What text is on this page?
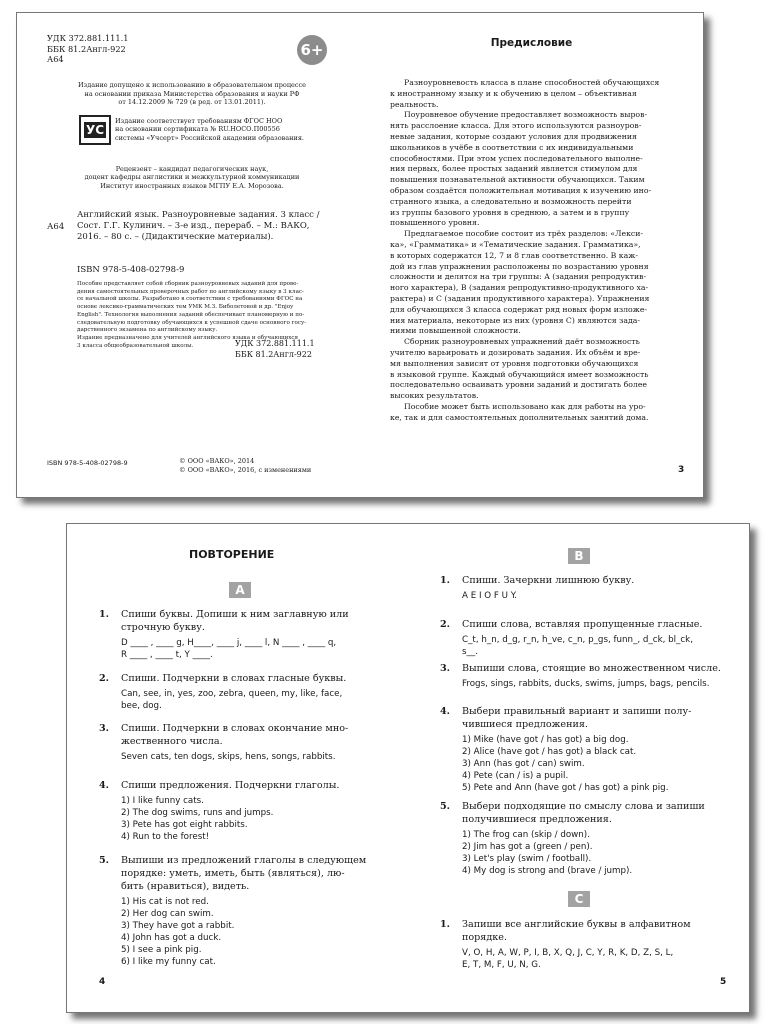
УДК 372.881.111.1
ББК 81.2Англ-922
А64
6+
Издание допущено к использованию в образовательном процессе
на основании приказа Министерства образования и науки РФ
от 14.12.2009 № 729 (в ред. от 13.01.2011).
УС
Издание соответствует требованиям ФГОС НОО
на основании сертификата № RU.НОСО.П00556
системы «Учсерт» Российской академии образования.
Рецензент – кандидат педагогических наук,
доцент кафедры англистики и межкультурной коммуникации
Институт иностранных языков МГПУ Е.А. Морозова.
А64
Английский язык. Разноуровневые задания. 3 класс /
Сост. Г.Г. Кулинич. – 3-е изд., перераб. – М.: ВАКО,
2016. – 80 с. – (Дидактические материалы).
ISBN 978-5-408-02798-9
Пособие представляет собой сборник разноуровневых заданий для прове-
дения самостоятельных проверочных работ по английскому языку в 3 клас-
се начальной школы. Разработано в соответствии с требованиями ФГОС на
основе лексико-грамматических тем УМК М.З. Биболетовой и др. "Enjoy
English". Технология выполнения заданий обеспечивает планомерную и по-
следовательную подготовку обучающихся к успешной сдаче основного госу-
дарственного экзамена по английскому языку.
Издание предназначено для учителей английского языка и обучающихся
3 класса общеобразовательной школы.	УДК 372.881.111.1
ББК 81.2Англ-922
ISBN 978-5-408-02798-9	© ООО «ВАКО», 2014
© ООО «ВАКО», 2016, с изменениями
Предисловие
Разноуровневость класса в плане способностей обучающихся
к иностранному языку и к обучению в целом – объективная
реальность.
Поуровневое обучение предоставляет возможность выров-
нять расслоение класса. Для этого используются разноуров-
невые задания, которые создают условия для продвижения
школьников в учёбе в соответствии с их индивидуальными
способностями. При этом успех последовательного выполне-
ния первых, более простых заданий является стимулом для
повышения познавательной активности обучающихся. Таким
образом создаётся положительная мотивация к изучению ино-
странного языка, а следовательно и возможность перейти
из группы базового уровня в среднюю, а затем и в группу
повышенного уровня.
Предлагаемое пособие состоит из трёх разделов: «Лекси-
ка», «Грамматика» и «Тематические задания. Грамматика»,
в которых содержатся 12, 7 и 8 глав соответственно. В каж-
дой из глав упражнения расположены по возрастанию уровня
сложности и делятся на три группы: A (задания репродуктив-
ного характера), B (задания репродуктивно-продуктивного ха-
рактера) и C (задания продуктивного характера). Упражнения
для обучающихся 3 класса содержат ряд новых форм изложе-
ния материала, некоторые из них (уровня C) являются зада-
ниями повышенной сложности.
Сборник разноуровневых упражнений даёт возможность
учителю варьировать и дозировать задания. Их объём и вре-
мя выполнения зависят от уровня подготовки обучающихся
в языковой группе. Каждый обучающийся имеет возможность
последовательно осваивать уровни заданий и достигать более
высоких результатов.
Пособие может быть использовано как для работы на уро-
ке, так и для самостоятельных дополнительных занятий дома.
3
ПОВТОРЕНИЕ
A
1. Спиши буквы. Допиши к ним заглавную или
строчную букву.
D ____ , ____ g, H____, ____ j, ____ l, N ____ , ____ q,
R ____ , ____ t, Y ____.
2. Спиши. Подчеркни в словах гласные буквы.
Can, see, in, yes, zoo, zebra, queen, my, like, face,
bee, dog.
3. Спиши. Подчеркни в словах окончание мно-
жественного числа.
Seven cats, ten dogs, skips, hens, songs, rabbits.
4. Спиши предложения. Подчеркни глаголы.
1) I like funny cats.
2) The dog swims, runs and jumps.
3) Pete has got eight rabbits.
4) Run to the forest!
5. Выпиши из предложений глаголы в следующем
порядке: уметь, иметь, быть (являться), лю-
бить (нравиться), видеть.
1) His cat is not red.
2) Her dog can swim.
3) They have got a rabbit.
4) John has got a duck.
5) I see a pink pig.
6) I like my funny cat.
4
B
1. Спиши. Зачеркни лишнюю букву.
A E I O F U Y.
2. Спиши слова, вставляя пропущенные гласные.
C_t, h_n, d_g, r_n, h_ve, c_n, p_gs, funn_, d_ck, bl_ck,
s__.
3. Выпиши слова, стоящие во множественном числе.
Frogs, sings, rabbits, ducks, swims, jumps, bags, pencils.
4. Выбери правильный вариант и запиши полу-
чившиеся предложения.
1) Mike (have got / has got) a big dog.
2) Alice (have got / has got) a black cat.
3) Ann (has got / can) swim.
4) Pete (can / is) a pupil.
5) Pete and Ann (have got / has got) a pink pig.
5. Выбери подходящие по смыслу слова и запиши
получившиеся предложения.
1) The frog can (skip / down).
2) Jim has got a (green / pen).
3) Let's play (swim / football).
4) My dog is strong and (brave / jump).
C
1. Запиши все английские буквы в алфавитном
порядке.
V, O, H, A, W, P, I, B, X, Q, J, C, Y, R, K, D, Z, S, L,
E, T, M, F, U, N, G.
5
